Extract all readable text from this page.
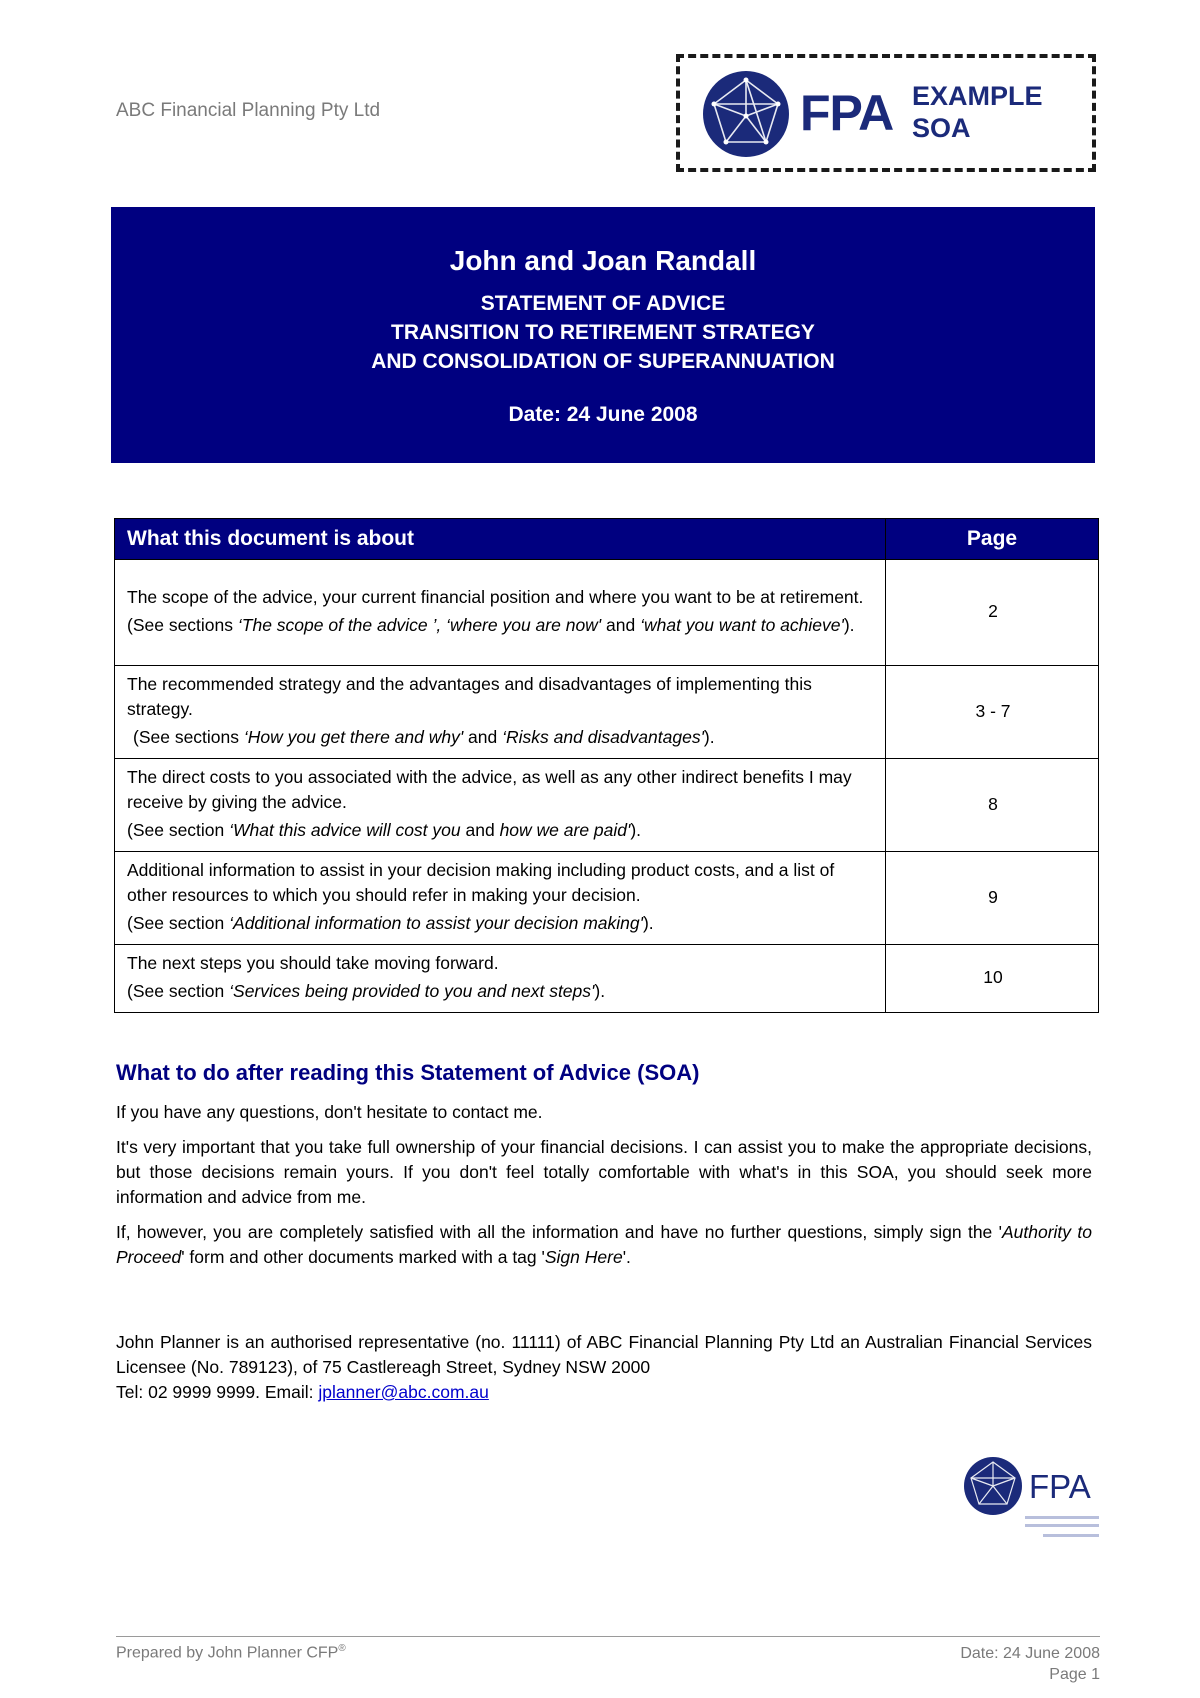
ABC Financial Planning Pty Ltd	FPA EXAMPLE
SOA
John and Joan Randall
STATEMENT OF ADVICE
TRANSITION TO RETIREMENT STRATEGY
AND CONSOLIDATION OF SUPERANNUATION
Date: 24 June 2008
What this document is about	Page

The scope of the advice, your current financial position and where you want to be at retirement.

(See sections ‘The scope of the advice ’, ‘where you are now' and ‘what you want to achieve').	2

The recommended strategy and the advantages and disadvantages of implementing this strategy.

(See sections ‘How you get there and why' and ‘Risks and disadvantages').	3 - 7

The direct costs to you associated with the advice, as well as any other indirect benefits I may receive by giving the advice.

(See section ‘What this advice will cost you and how we are paid').	8

Additional information to assist in your decision making including product costs, and a list of other resources to which you should refer in making your decision.

(See section ‘Additional information to assist your decision making').	9

The next steps you should take moving forward.

(See section ‘Services being provided to you and next steps').	10
What to do after reading this Statement of Advice (SOA)

If you have any questions, don't hesitate to contact me.

It's very important that you take full ownership of your financial decisions. I can assist you to make the appropriate decisions, but those decisions remain yours. If you don't feel totally comfortable with what's in this SOA, you should seek more information and advice from me.

If, however, you are completely satisfied with all the information and have no further questions, simply sign the 'Authority to Proceed' form and other documents marked with a tag 'Sign Here'.

John Planner is an authorised representative (no. 11111) of ABC Financial Planning Pty Ltd an Australian Financial Services Licensee (No. 789123), of 75 Castlereagh Street, Sydney NSW 2000
Tel: 02 9999 9999. Email: jplanner@abc.com.au
FPA
Prepared by John Planner CFP®	Date: 24 June 2008
Page 1
